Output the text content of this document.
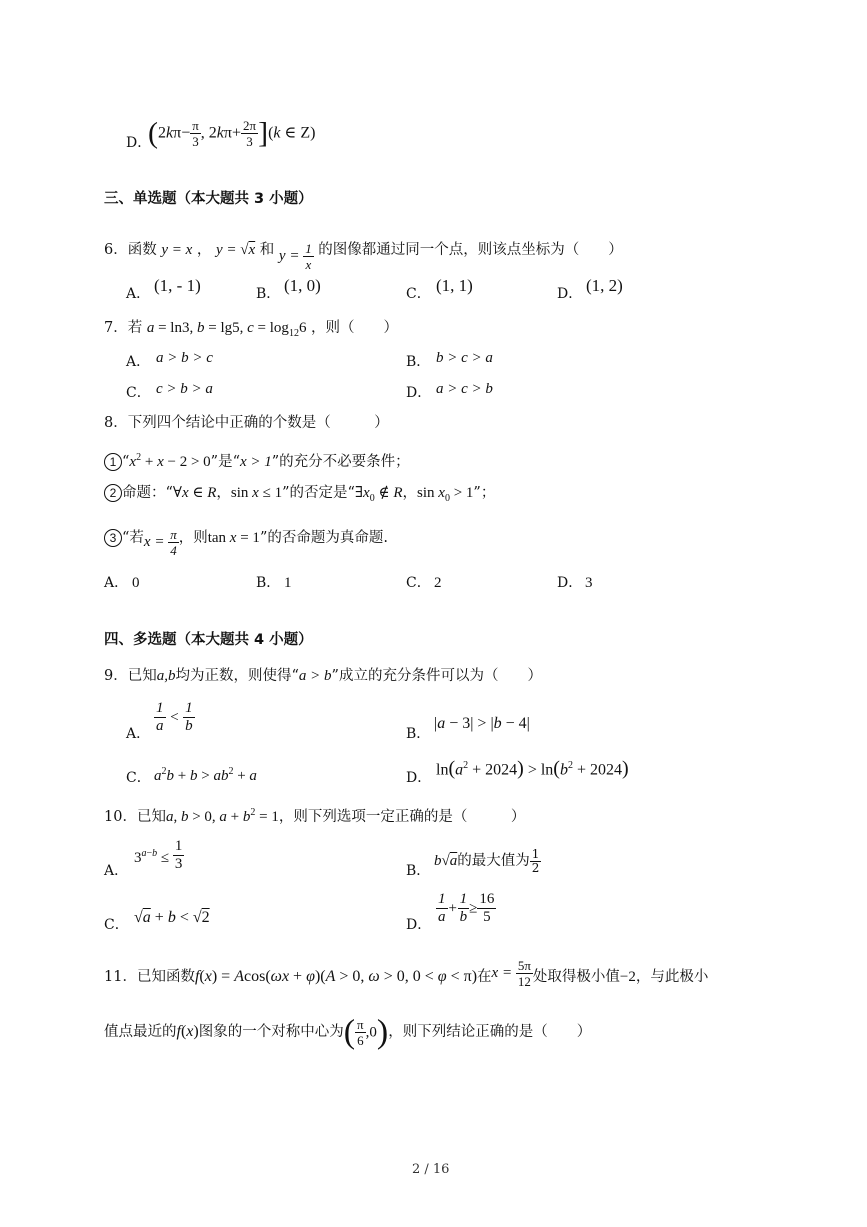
D．
($2k\pi- \frac{\pi}{3}$ , $2k\pi+ \frac{2\pi}{3} ](k$ ∈ Z)
三、单选题（本大题共 3 小题）
6．函数 y = x ， y = √x 和 $y = \frac{1}{x}$ 的图像都通过同一个点，则该点坐标为（　　）
A． (1, - 1)	B． (1, 0)	C． (1, 1)	D． (1, 2)
7．若 a = ln3, b = lg5, $c = \log_{12}6$ ，则（　　）
A． a > b > c	B． b > c > a
C． c > b > a	D． a > c > b
8．下列四个结论中正确的个数是（　　　）
1 “$x^2 + x - 2 > 0$”是“x > 1”的充分不必要条件；
2 命题：“∀x ∈ R，sin x ≤ 1”的否定是“$\exists x_0$ ∉ R，$\sin x_0 > 1$”；
3 “若$x = \frac{\pi}{4}$ ，则tan x = 1”的否命题为真命题.
A． 0	B． 1	C． 2	D． 3
四、多选题（本大题共 4 小题）
9．已知a,b均为正数，则使得“a > b”成立的充分条件可以为（　　）
A． $\frac{1}{a} < \frac{1}{b}$	B．
|a − 3| > |b − 4|
C． $a^2b + b > ab^2 + a$	D． $\ln(a^2 + 2024) > \ln(b^2 + 2024)$
10．已知a, b > 0, $a + b^2 = 1$，则下列选项一定正确的是（　　　）
A．
$3^{a-b} \le \frac{1}{3}$	B．
b√a的最大值为 $\frac{1}{2}$
C． √a + b < √2	D． $\frac{1}{a} + \frac{1}{b} \ge \frac{16}{5}$
11．已知函数f(x) = Acos(ωx + φ)(A > 0, ω > 0, 0 < φ < π)在$x = \frac{5\pi}{12}$ 处取得极小值−2，与此极小
值点最近的f(x)图象的一个对称中心为( $\frac{\pi}{6} ,0$)，则下列结论正确的是（　　）
2 / 16
